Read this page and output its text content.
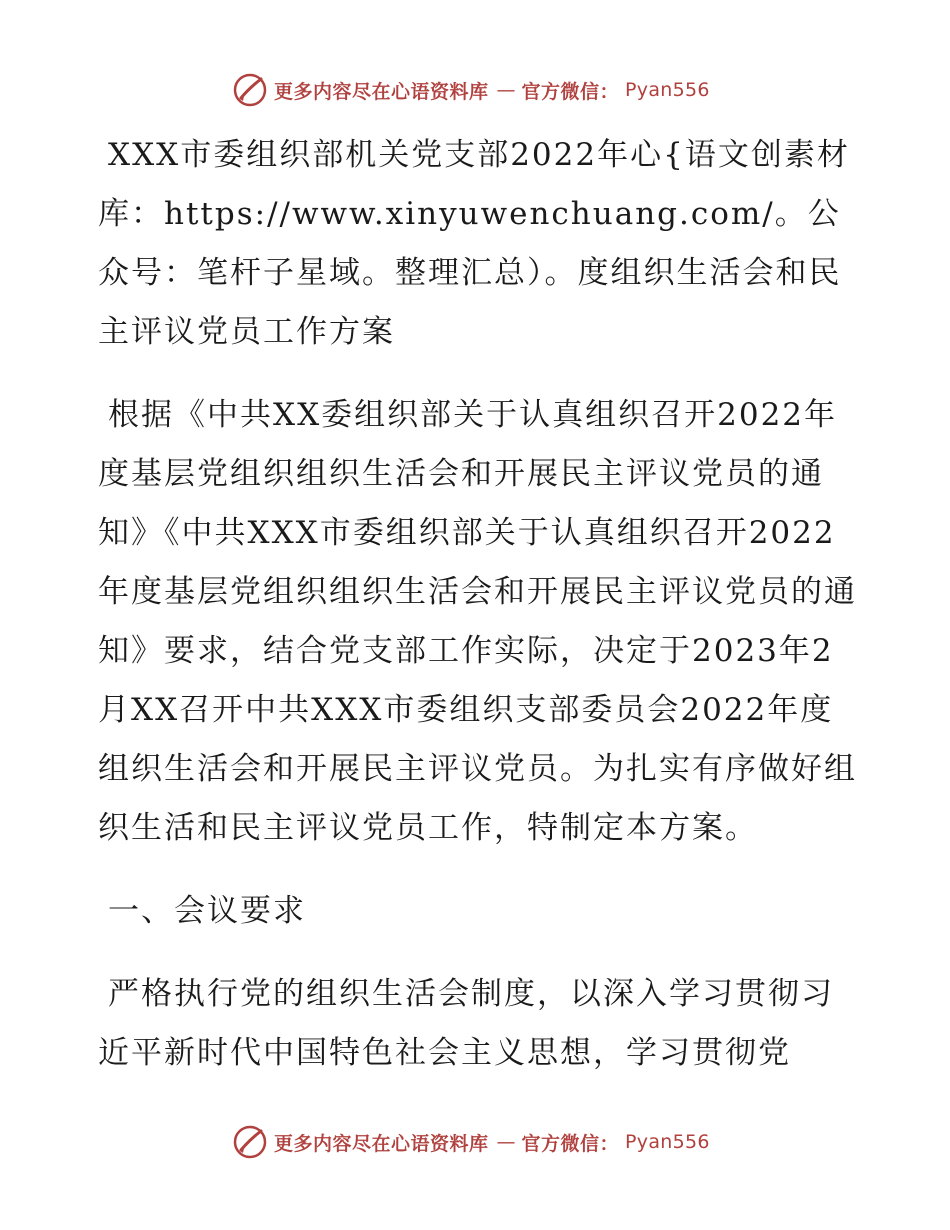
更多内容尽在心语资料库 — 官方微信： Pyan556

XXX市委组织部机关党支部2022年心{语文创素材库：https://www.xinyuwenchuang.com/。公众号：笔杆子星域。整理汇总）。度组织生活会和民主评议党员工作方案

根据《中共XX委组织部关于认真组织召开2022年度基层党组织组织生活会和开展民主评议党员的通知》《中共XXX市委组织部关于认真组织召开2022年度基层党组织组织生活会和开展民主评议党员的通知》要求，结合党支部工作实际，决定于2023年2月XX召开中共XXX市委组织支部委员会2022年度组织生活会和开展民主评议党员。为扎实有序做好组织生活和民主评议党员工作，特制定本方案。

一、会议要求

严格执行党的组织生活会制度，以深入学习贯彻习近平新时代中国特色社会主义思想，学习贯彻党

更多内容尽在心语资料库 — 官方微信： Pyan556
